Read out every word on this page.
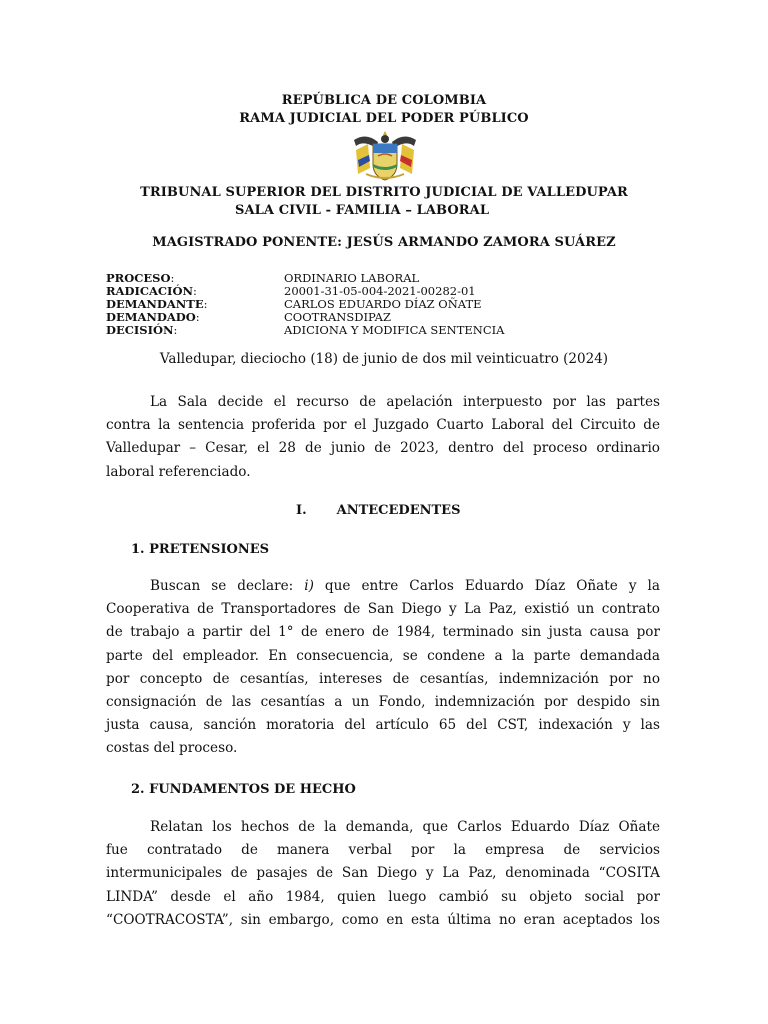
REPÚBLICA DE COLOMBIA
RAMA JUDICIAL DEL PODER PÚBLICO
TRIBUNAL SUPERIOR DEL DISTRITO JUDICIAL DE VALLEDUPAR
SALA CIVIL - FAMILIA – LABORAL
MAGISTRADO PONENTE: JESÚS ARMANDO ZAMORA SUÁREZ
PROCESO:	ORDINARIO LABORAL
RADICACIÓN:	20001-31-05-004-2021-00282-01
DEMANDANTE:	CARLOS EDUARDO DÍAZ OÑATE
DEMANDADO:	COOTRANSDIPAZ
DECISIÓN:	ADICIONA Y MODIFICA SENTENCIA
Valledupar, dieciocho (18) de junio de dos mil veinticuatro (2024)
La Sala decide el recurso de apelación interpuesto por las partes
contra la sentencia proferida por el Juzgado Cuarto Laboral del Circuito de
Valledupar – Cesar, el 28 de junio de 2023, dentro del proceso ordinario
laboral referenciado.
I. ANTECEDENTES
1. PRETENSIONES
Buscan se declare: i) que entre Carlos Eduardo Díaz Oñate y la
Cooperativa de Transportadores de San Diego y La Paz, existió un contrato
de trabajo a partir del 1° de enero de 1984, terminado sin justa causa por
parte del empleador. En consecuencia, se condene a la parte demandada
por concepto de cesantías, intereses de cesantías, indemnización por no
consignación de las cesantías a un Fondo, indemnización por despido sin
justa causa, sanción moratoria del artículo 65 del CST, indexación y las
costas del proceso.
2. FUNDAMENTOS DE HECHO
Relatan los hechos de la demanda, que Carlos Eduardo Díaz Oñate
fue contratado de manera verbal por la empresa de servicios
intermunicipales de pasajes de San Diego y La Paz, denominada “COSITA
LINDA” desde el año 1984, quien luego cambió su objeto social por
“COOTRACOSTA”, sin embargo, como en esta última no eran aceptados los
